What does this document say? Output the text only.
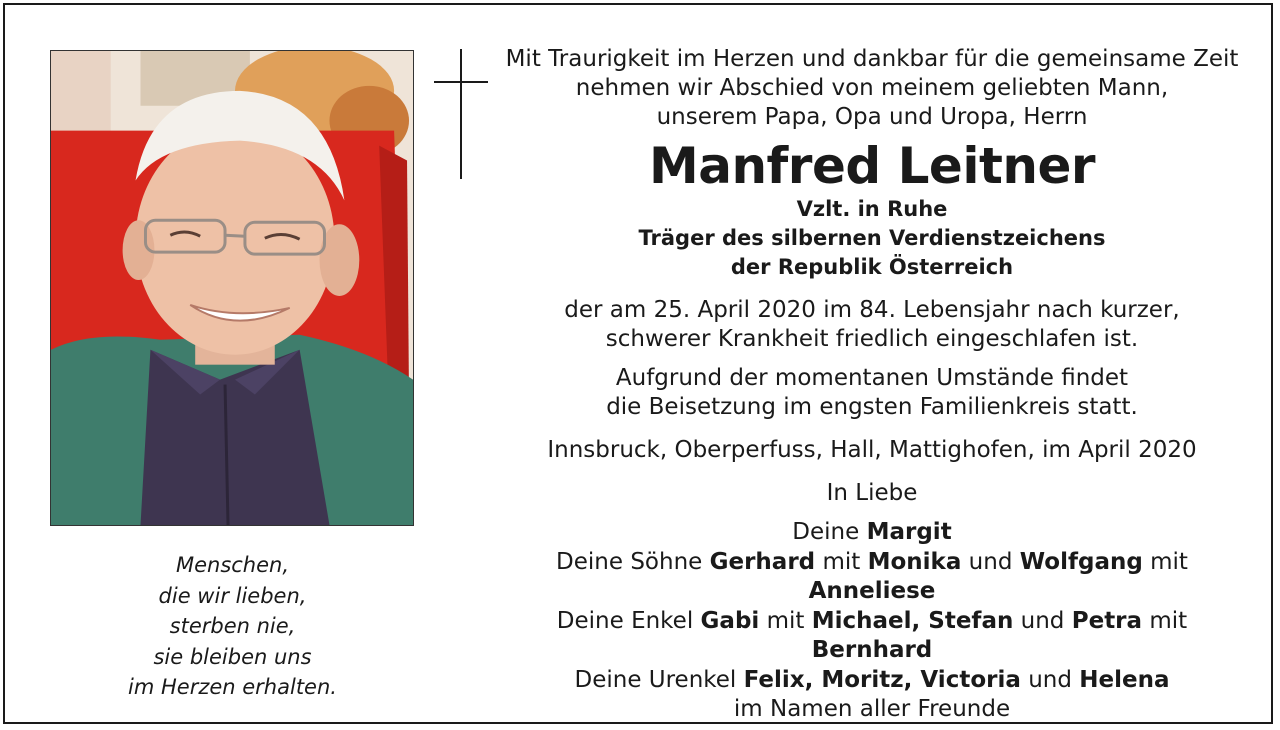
Mit Traurigkeit im Herzen und dankbar für die gemeinsame Zeit

nehmen wir Abschied von meinem geliebten Mann,

unserem Papa, Opa und Uropa, Herrn

Manfred Leitner

Vzlt. in Ruhe

Träger des silbernen Verdienstzeichens

der Republik Österreich

der am 25. April 2020 im 84. Lebensjahr nach kurzer,

schwerer Krankheit friedlich eingeschlafen ist.

Aufgrund der momentanen Umstände findet

die Beisetzung im engsten Familienkreis statt.

Innsbruck, Oberperfuss, Hall, Mattighofen, im April 2020

In Liebe

Deine Margit

Deine Söhne Gerhard mit Monika und Wolfgang mit Anneliese

Deine Enkel Gabi mit Michael, Stefan und Petra mit Bernhard

Deine Urenkel Felix, Moritz, Victoria und Helena

im Namen aller Freunde

Menschen,
die wir lieben,
sterben nie,
sie bleiben uns
im Herzen erhalten.
